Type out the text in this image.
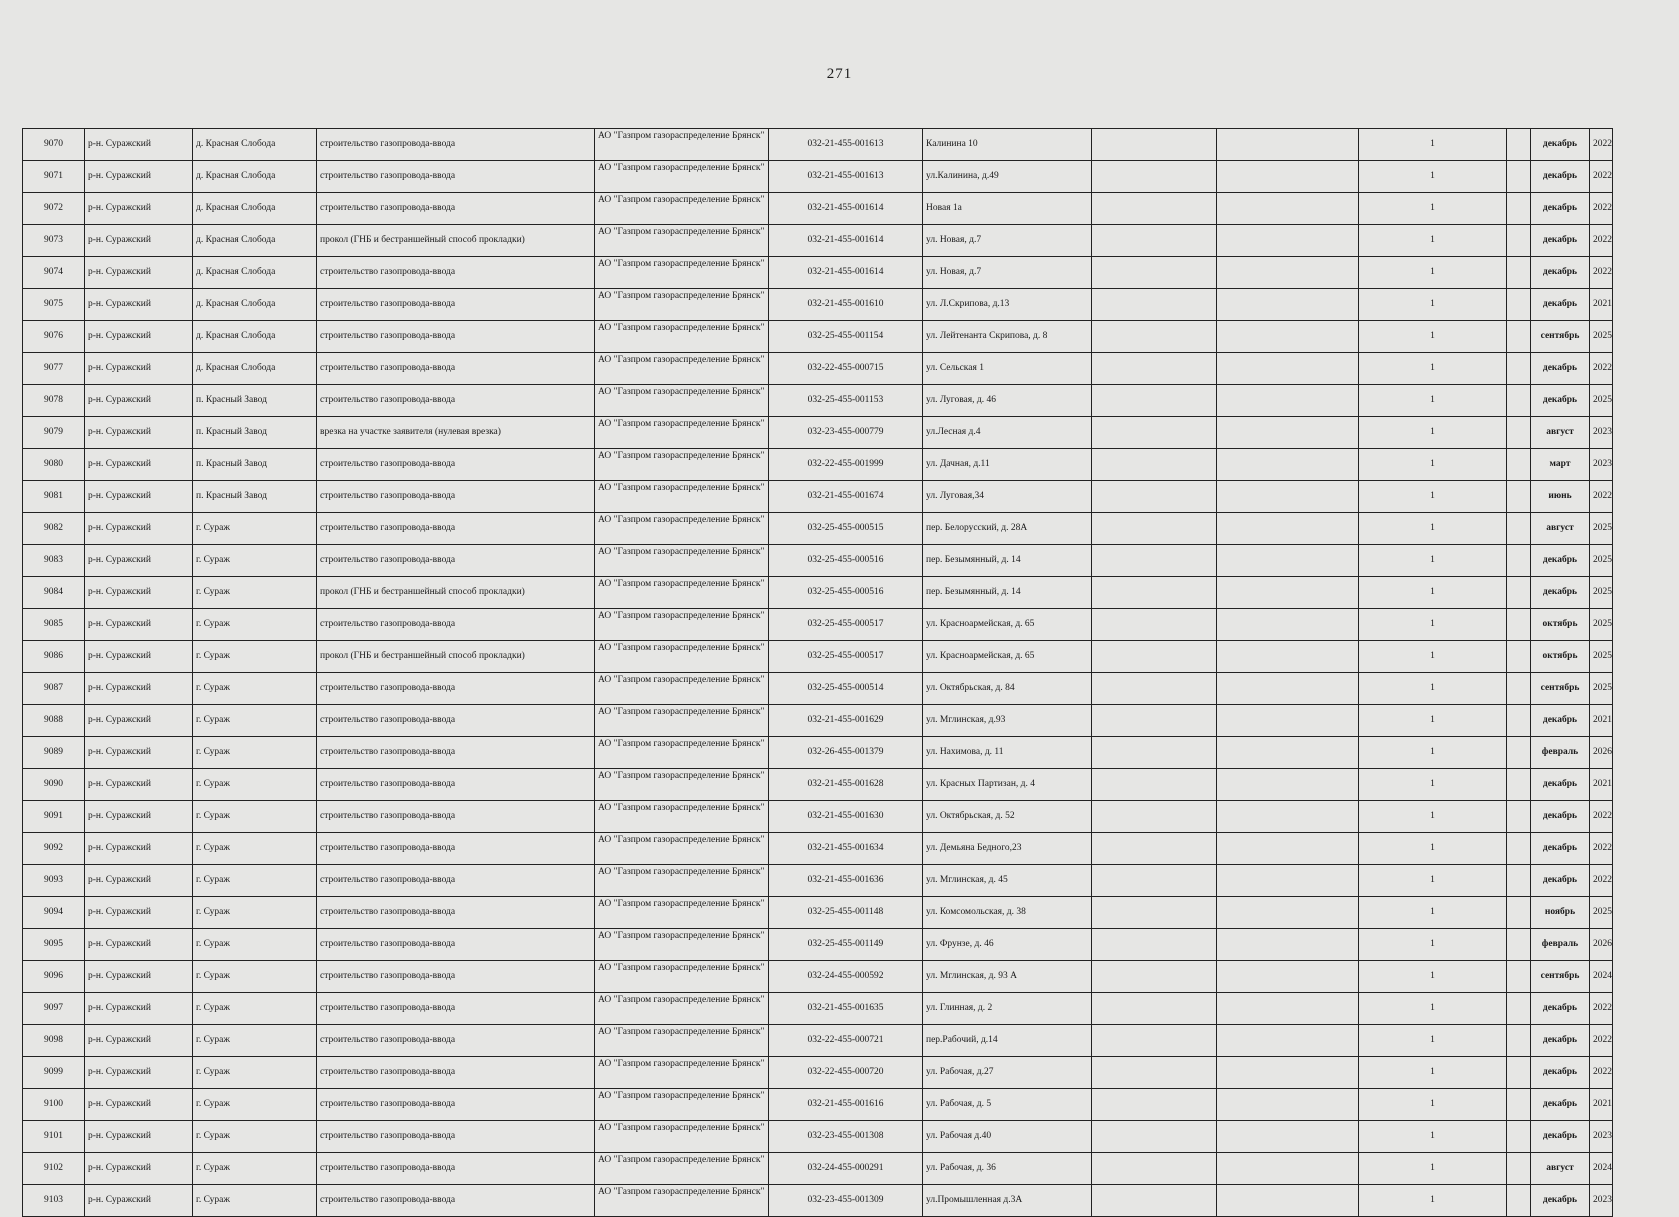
271
9070	р-н. Суражский	д. Красная Слобода	строительство газопровода-ввода	АО "Газпром газораспределение Брянск"	032-21-455-001613	Калинина 10			1		декабрь	2022
9071	р-н. Суражский	д. Красная Слобода	строительство газопровода-ввода	АО "Газпром газораспределение Брянск"	032-21-455-001613	ул.Калинина, д.49			1		декабрь	2022
9072	р-н. Суражский	д. Красная Слобода	строительство газопровода-ввода	АО "Газпром газораспределение Брянск"	032-21-455-001614	Новая 1а			1		декабрь	2022
9073	р-н. Суражский	д. Красная Слобода	прокол (ГНБ и бестраншейный способ прокладки)	АО "Газпром газораспределение Брянск"	032-21-455-001614	ул. Новая, д.7			1		декабрь	2022
9074	р-н. Суражский	д. Красная Слобода	строительство газопровода-ввода	АО "Газпром газораспределение Брянск"	032-21-455-001614	ул. Новая, д.7			1		декабрь	2022
9075	р-н. Суражский	д. Красная Слобода	строительство газопровода-ввода	АО "Газпром газораспределение Брянск"	032-21-455-001610	ул. Л.Скрипова, д.13			1		декабрь	2021
9076	р-н. Суражский	д. Красная Слобода	строительство газопровода-ввода	АО "Газпром газораспределение Брянск"	032-25-455-001154	ул. Лейтенанта Скрипова, д. 8			1		сентябрь	2025
9077	р-н. Суражский	д. Красная Слобода	строительство газопровода-ввода	АО "Газпром газораспределение Брянск"	032-22-455-000715	ул. Сельская 1			1		декабрь	2022
9078	р-н. Суражский	п. Красный Завод	строительство газопровода-ввода	АО "Газпром газораспределение Брянск"	032-25-455-001153	ул. Луговая, д. 46			1		декабрь	2025
9079	р-н. Суражский	п. Красный Завод	врезка на участке заявителя (нулевая врезка)	АО "Газпром газораспределение Брянск"	032-23-455-000779	ул.Лесная д.4			1		август	2023
9080	р-н. Суражский	п. Красный Завод	строительство газопровода-ввода	АО "Газпром газораспределение Брянск"	032-22-455-001999	ул. Дачная, д.11			1		март	2023
9081	р-н. Суражский	п. Красный Завод	строительство газопровода-ввода	АО "Газпром газораспределение Брянск"	032-21-455-001674	ул. Луговая,34			1		июнь	2022
9082	р-н. Суражский	г. Сураж	строительство газопровода-ввода	АО "Газпром газораспределение Брянск"	032-25-455-000515	пер. Белорусский, д. 28А			1		август	2025
9083	р-н. Суражский	г. Сураж	строительство газопровода-ввода	АО "Газпром газораспределение Брянск"	032-25-455-000516	пер. Безымянный, д. 14			1		декабрь	2025
9084	р-н. Суражский	г. Сураж	прокол (ГНБ и бестраншейный способ прокладки)	АО "Газпром газораспределение Брянск"	032-25-455-000516	пер. Безымянный, д. 14			1		декабрь	2025
9085	р-н. Суражский	г. Сураж	строительство газопровода-ввода	АО "Газпром газораспределение Брянск"	032-25-455-000517	ул. Красноармейская, д. 65			1		октябрь	2025
9086	р-н. Суражский	г. Сураж	прокол (ГНБ и бестраншейный способ прокладки)	АО "Газпром газораспределение Брянск"	032-25-455-000517	ул. Красноармейская, д. 65			1		октябрь	2025
9087	р-н. Суражский	г. Сураж	строительство газопровода-ввода	АО "Газпром газораспределение Брянск"	032-25-455-000514	ул. Октябрьская, д. 84			1		сентябрь	2025
9088	р-н. Суражский	г. Сураж	строительство газопровода-ввода	АО "Газпром газораспределение Брянск"	032-21-455-001629	ул. Мглинская, д.93			1		декабрь	2021
9089	р-н. Суражский	г. Сураж	строительство газопровода-ввода	АО "Газпром газораспределение Брянск"	032-26-455-001379	ул. Нахимова, д. 11			1		февраль	2026
9090	р-н. Суражский	г. Сураж	строительство газопровода-ввода	АО "Газпром газораспределение Брянск"	032-21-455-001628	ул. Красных Партизан, д. 4			1		декабрь	2021
9091	р-н. Суражский	г. Сураж	строительство газопровода-ввода	АО "Газпром газораспределение Брянск"	032-21-455-001630	ул. Октябрьская, д. 52			1		декабрь	2022
9092	р-н. Суражский	г. Сураж	строительство газопровода-ввода	АО "Газпром газораспределение Брянск"	032-21-455-001634	ул. Демьяна Бедного,23			1		декабрь	2022
9093	р-н. Суражский	г. Сураж	строительство газопровода-ввода	АО "Газпром газораспределение Брянск"	032-21-455-001636	ул. Мглинская, д. 45			1		декабрь	2022
9094	р-н. Суражский	г. Сураж	строительство газопровода-ввода	АО "Газпром газораспределение Брянск"	032-25-455-001148	ул. Комсомольская, д. 38			1		ноябрь	2025
9095	р-н. Суражский	г. Сураж	строительство газопровода-ввода	АО "Газпром газораспределение Брянск"	032-25-455-001149	ул. Фрунзе, д. 46			1		февраль	2026
9096	р-н. Суражский	г. Сураж	строительство газопровода-ввода	АО "Газпром газораспределение Брянск"	032-24-455-000592	ул. Мглинская, д. 93 А			1		сентябрь	2024
9097	р-н. Суражский	г. Сураж	строительство газопровода-ввода	АО "Газпром газораспределение Брянск"	032-21-455-001635	ул. Глинная, д. 2			1		декабрь	2022
9098	р-н. Суражский	г. Сураж	строительство газопровода-ввода	АО "Газпром газораспределение Брянск"	032-22-455-000721	пер.Рабочий, д.14			1		декабрь	2022
9099	р-н. Суражский	г. Сураж	строительство газопровода-ввода	АО "Газпром газораспределение Брянск"	032-22-455-000720	ул. Рабочая, д.27			1		декабрь	2022
9100	р-н. Суражский	г. Сураж	строительство газопровода-ввода	АО "Газпром газораспределение Брянск"	032-21-455-001616	ул. Рабочая, д. 5			1		декабрь	2021
9101	р-н. Суражский	г. Сураж	строительство газопровода-ввода	АО "Газпром газораспределение Брянск"	032-23-455-001308	ул. Рабочая д.40			1		декабрь	2023
9102	р-н. Суражский	г. Сураж	строительство газопровода-ввода	АО "Газпром газораспределение Брянск"	032-24-455-000291	ул. Рабочая, д. 36			1		август	2024
9103	р-н. Суражский	г. Сураж	строительство газопровода-ввода	АО "Газпром газораспределение Брянск"	032-23-455-001309	ул.Промышленная д.3А			1		декабрь	2023
